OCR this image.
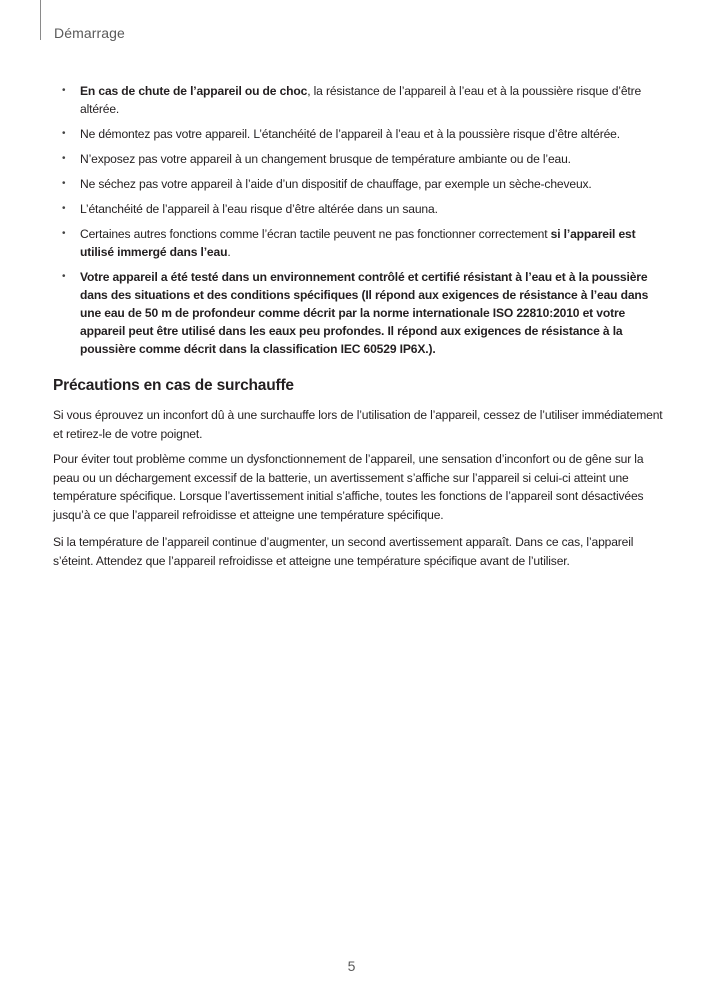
Démarrage
• En cas de chute de l’appareil ou de choc, la résistance de l’appareil à l’eau et à la poussière risque d’être altérée.
• Ne démontez pas votre appareil. L’étanchéité de l’appareil à l’eau et à la poussière risque d’être altérée.
• N’exposez pas votre appareil à un changement brusque de température ambiante ou de l’eau.
• Ne séchez pas votre appareil à l’aide d’un dispositif de chauffage, par exemple un sèche-cheveux.
• L’étanchéité de l’appareil à l’eau risque d’être altérée dans un sauna.
• Certaines autres fonctions comme l’écran tactile peuvent ne pas fonctionner correctement si l’appareil est utilisé immergé dans l’eau.
• Votre appareil a été testé dans un environnement contrôlé et certifié résistant à l’eau et à la poussière dans des situations et des conditions spécifiques (Il répond aux exigences de résistance à l’eau dans une eau de 50 m de profondeur comme décrit par la norme internationale ISO 22810:2010 et votre appareil peut être utilisé dans les eaux peu profondes. Il répond aux exigences de résistance à la poussière comme décrit dans la classification IEC 60529 IP6X.).
Précautions en cas de surchauffe

Si vous éprouvez un inconfort dû à une surchauffe lors de l’utilisation de l’appareil, cessez de l’utiliser immédiatement et retirez-le de votre poignet.

Pour éviter tout problème comme un dysfonctionnement de l’appareil, une sensation d’inconfort ou de gêne sur la peau ou un déchargement excessif de la batterie, un avertissement s’affiche sur l’appareil si celui-ci atteint une température spécifique. Lorsque l’avertissement initial s’affiche, toutes les fonctions de l’appareil sont désactivées jusqu’à ce que l’appareil refroidisse et atteigne une température spécifique.

Si la température de l’appareil continue d’augmenter, un second avertissement apparaît. Dans ce cas, l’appareil s’éteint. Attendez que l’appareil refroidisse et atteigne une température spécifique avant de l’utiliser.

5
